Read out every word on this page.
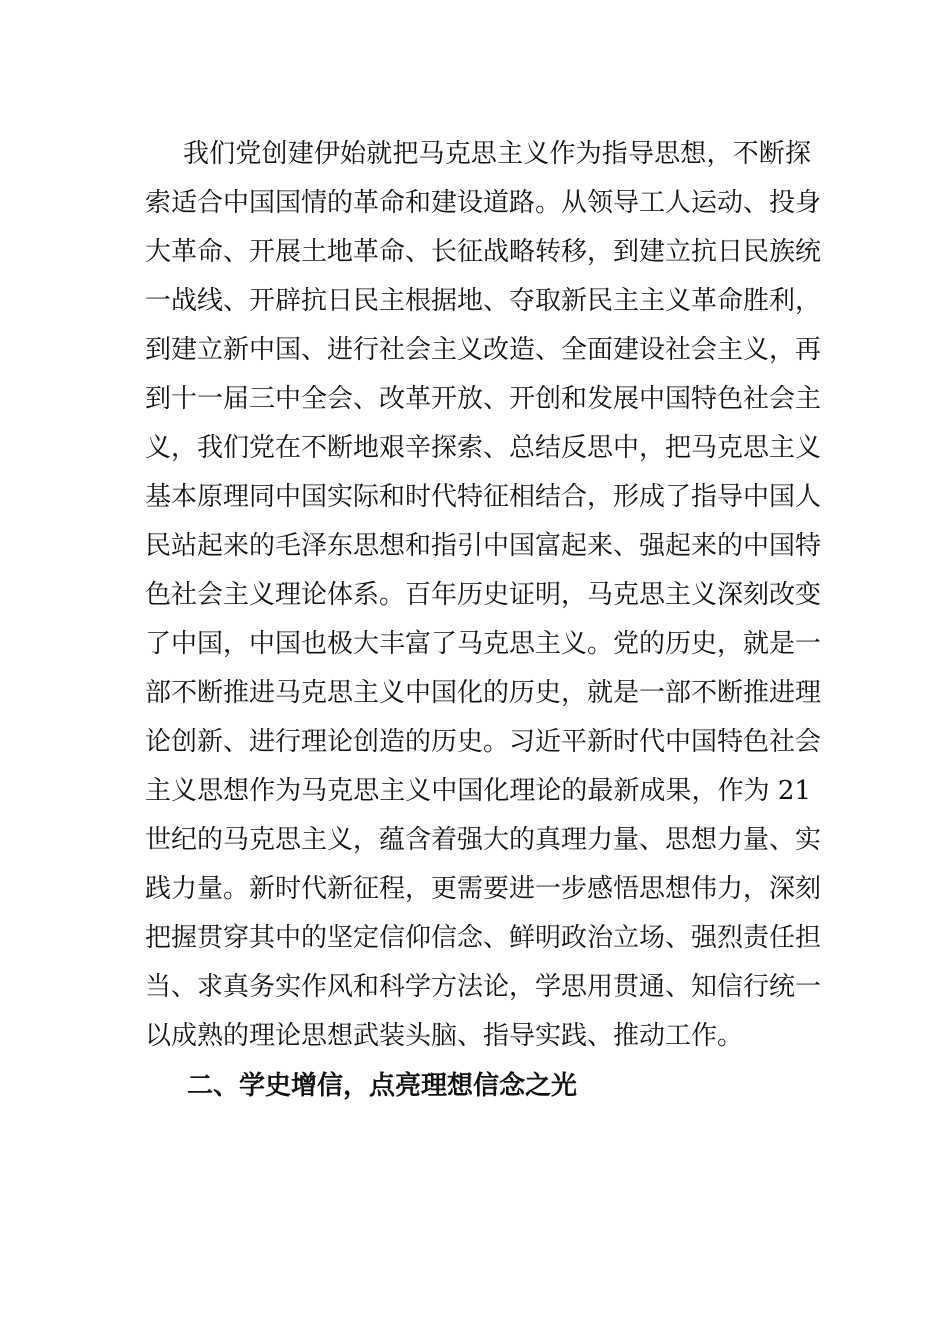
我们党创建伊始就把马克思主义作为指导思想，不断探
索适合中国国情的革命和建设道路。从领导工人运动、投身
大革命、开展土地革命、长征战略转移，到建立抗日民族统
一战线、开辟抗日民主根据地、夺取新民主主义革命胜利，
到建立新中国、进行社会主义改造、全面建设社会主义，再
到十一届三中全会、改革开放、开创和发展中国特色社会主
义，我们党在不断地艰辛探索、总结反思中，把马克思主义
基本原理同中国实际和时代特征相结合，形成了指导中国人
民站起来的毛泽东思想和指引中国富起来、强起来的中国特
色社会主义理论体系。百年历史证明，马克思主义深刻改变
了中国，中国也极大丰富了马克思主义。党的历史，就是一
部不断推进马克思主义中国化的历史，就是一部不断推进理
论创新、进行理论创造的历史。习近平新时代中国特色社会
主义思想作为马克思主义中国化理论的最新成果，作为 21
世纪的马克思主义，蕴含着强大的真理力量、思想力量、实
践力量。新时代新征程，更需要进一步感悟思想伟力，深刻
把握贯穿其中的坚定信仰信念、鲜明政治立场、强烈责任担
当、求真务实作风和科学方法论，学思用贯通、知信行统一
以成熟的理论思想武装头脑、指导实践、推动工作。
二、学史增信，点亮理想信念之光
